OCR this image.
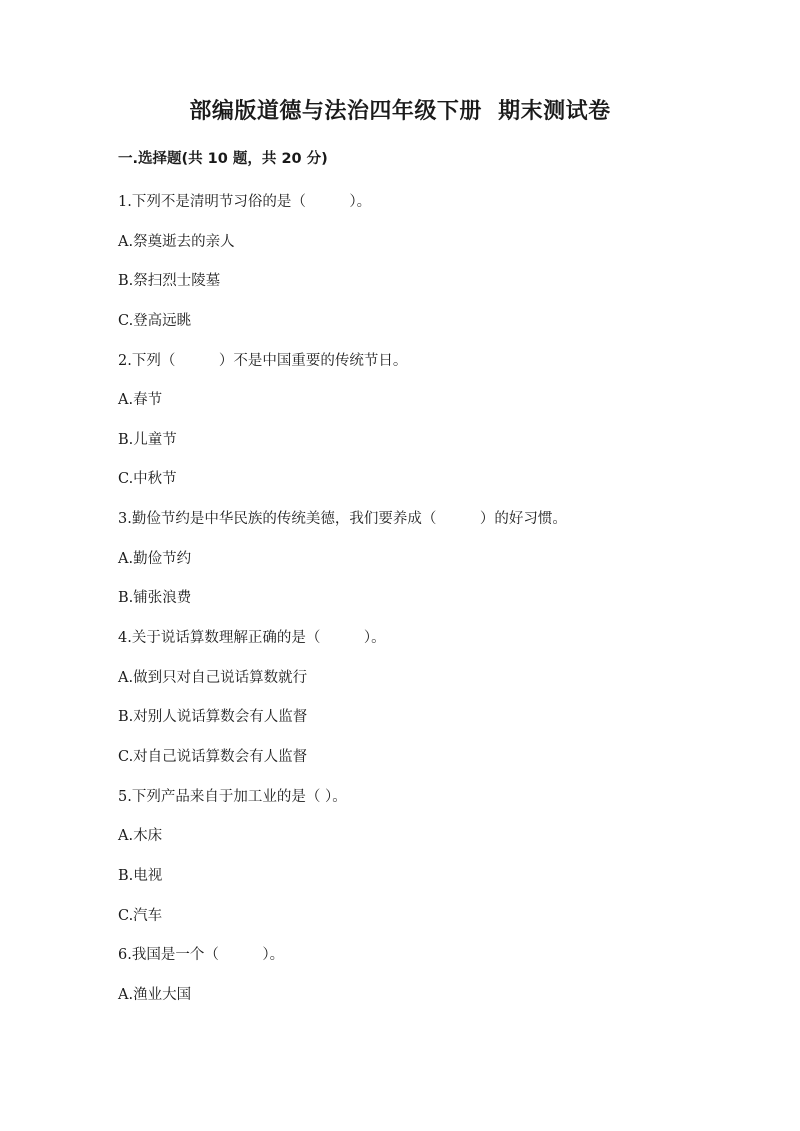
部编版道德与法治四年级下册  期末测试卷
一.选择题(共 10 题，共 20 分)
1.下列不是清明节习俗的是（　　　）。
A.祭奠逝去的亲人
B.祭扫烈士陵墓
C.登高远眺
2.下列（　　　）不是中国重要的传统节日。
A.春节
B.儿童节
C.中秋节
3.勤俭节约是中华民族的传统美德，我们要养成（　　　）的好习惯。
A.勤俭节约
B.铺张浪费
4.关于说话算数理解正确的是（　　　）。
A.做到只对自己说话算数就行
B.对别人说话算数会有人监督
C.对自己说话算数会有人监督
5.下列产品来自于加工业的是（ ）。
A.木床
B.电视
C.汽车
6.我国是一个（　　　）。
A.渔业大国
